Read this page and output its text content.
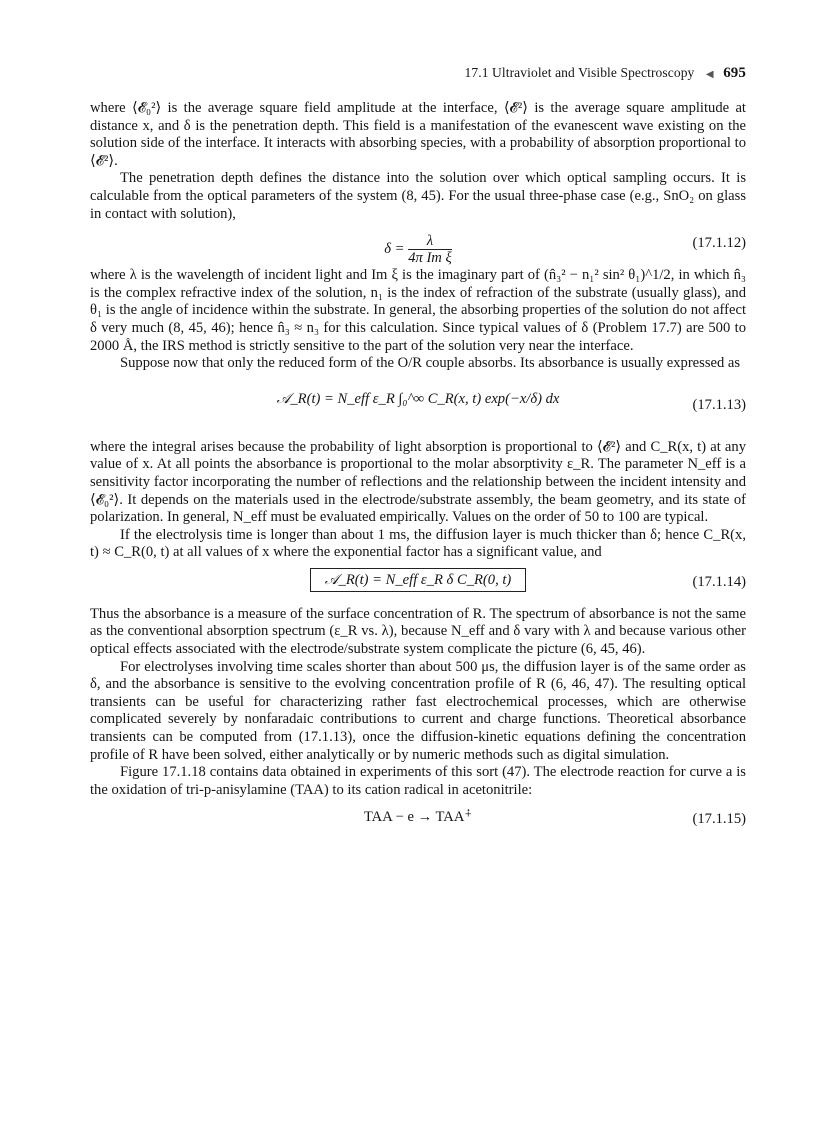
17.1 Ultraviolet and Visible Spectroscopy ◀ 695

where ⟨𝓔₀²⟩ is the average square field amplitude at the interface, ⟨𝓔²⟩ is the average square amplitude at distance x, and δ is the penetration depth. This field is a manifestation of the evanescent wave existing on the solution side of the interface. It interacts with absorbing species, with a probability of absorption proportional to ⟨𝓔²⟩.

The penetration depth defines the distance into the solution over which optical sampling occurs. It is calculable from the optical parameters of the system (8, 45). For the usual three-phase case (e.g., SnO₂ on glass in contact with solution),

$\delta = \frac{\lambda}{\text{4π Im ξ}}$	(17.1.12)

where λ is the wavelength of incident light and Im ξ is the imaginary part of (n̂₃² − n₁² sin² θ₁)^1/2, in which n̂₃ is the complex refractive index of the solution, n₁ is the index of refraction of the substrate (usually glass), and θ₁ is the angle of incidence within the substrate. In general, the absorbing properties of the solution do not affect δ very much (8, 45, 46); hence n̂₃ ≈ n₃ for this calculation. Since typical values of δ (Problem 17.7) are 500 to 2000 Å, the IRS method is strictly sensitive to the part of the solution very near the interface.

Suppose now that only the reduced form of the O/R couple absorbs. Its absorbance is usually expressed as

𝒜_R(t) = N_eff ε_R ∫₀^∞ C_R(x, t) exp(−x/δ) dx	(17.1.13)

where the integral arises because the probability of light absorption is proportional to ⟨𝓔²⟩ and C_R(x, t) at any value of x. At all points the absorbance is proportional to the molar absorptivity ε_R. The parameter N_eff is a sensitivity factor incorporating the number of reflections and the relationship between the incident intensity and ⟨𝓔₀²⟩. It depends on the materials used in the electrode/substrate assembly, the beam geometry, and its state of polarization. In general, N_eff must be evaluated empirically. Values on the order of 50 to 100 are typical.

If the electrolysis time is longer than about 1 ms, the diffusion layer is much thicker than δ; hence C_R(x, t) ≈ C_R(0, t) at all values of x where the exponential factor has a significant value, and

𝒜_R(t) = N_eff ε_R δ C_R(0, t)	(17.1.14)

Thus the absorbance is a measure of the surface concentration of R. The spectrum of absorbance is not the same as the conventional absorption spectrum (ε_R vs. λ), because N_eff and δ vary with λ and because various other optical effects associated with the electrode/substrate system complicate the picture (6, 45, 46).

For electrolyses involving time scales shorter than about 500 μs, the diffusion layer is of the same order as δ, and the absorbance is sensitive to the evolving concentration profile of R (6, 46, 47). The resulting optical transients can be useful for characterizing rather fast electrochemical processes, which are otherwise complicated severely by nonfaradaic contributions to current and charge functions. Theoretical absorbance transients can be computed from (17.1.13), once the diffusion-kinetic equations defining the concentration profile of R have been solved, either analytically or by numeric methods such as digital simulation.

Figure 17.1.18 contains data obtained in experiments of this sort (47). The electrode reaction for curve a is the oxidation of tri-p-anisylamine (TAA) to its cation radical in acetonitrile:

TAA − e → TAA⁺̇	(17.1.15)
